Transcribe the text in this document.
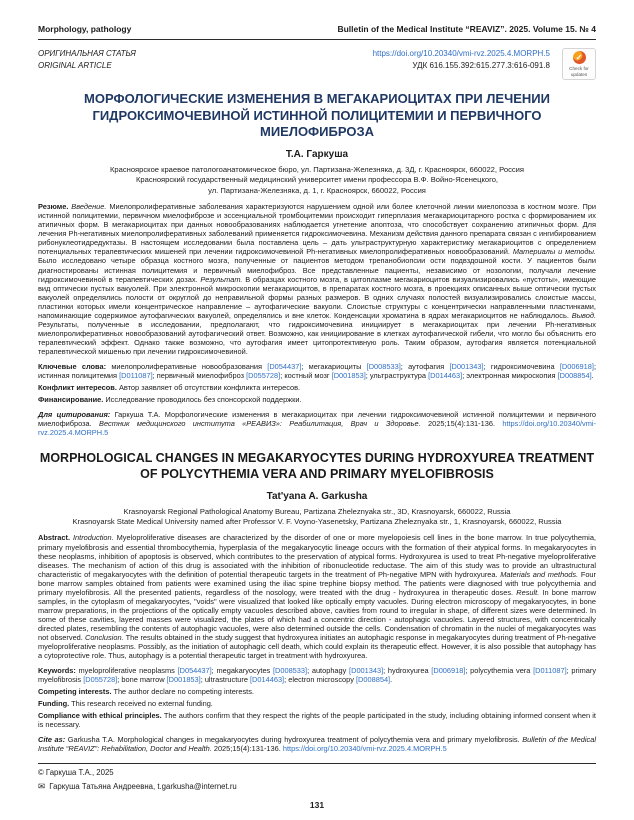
Morphology, pathology	Bulletin of the Medical Institute “REAVIZ”. 2025. Volume 15. № 4
ОРИГИНАЛЬНАЯ СТАТЬЯ
ORIGINAL ARTICLE
https://doi.org/10.20340/vmi-rvz.2025.4.MORPH.5
УДК 616.155.392:615.277.3:616-091.8
✓
Check for updates
МОРФОЛОГИЧЕСКИЕ ИЗМЕНЕНИЯ В МЕГАКАРИОЦИТАХ ПРИ ЛЕЧЕНИИ ГИДРОКСИМОЧЕВИНОЙ ИСТИННОЙ ПОЛИЦИТЕМИИ И ПЕРВИЧНОГО МИЕЛОФИБРОЗА
Т.А. Гаркуша
Красноярское краевое патологоанатомическое бюро, ул. Партизана-Железняка, д. 3Д, г. Красноярск, 660022, Россия
Красноярский государственный медицинский университет имени профессора В.Ф. Войно-Ясенецкого,
ул. Партизана-Железняка, д. 1, г. Красноярск, 660022, Россия

Резюме. Введение. Миелопролиферативные заболевания характеризуются нарушением одной или более клеточной линии миелопоэза в костном мозге. При истинной полицитемии, первичном миелофиброзе и эссенциальной тромбоцитемии происходит гиперплазия мегакариоцитарного ростка с формированием их атипичных форм. В мегакариоцитах при данных новообразованиях наблюдается угнетение апоптоза, что способствует сохранению атипичных форм. Для лечения Ph-негативных миелопролиферативных заболеваний применяется гидроксимочевина. Механизм действия данного препарата связан с ингибированием рибонуклеотидредуктазы. В настоящем исследовании была поставлена цель – дать ультраструктурную характеристику мегакариоцитов с определением потенциальных терапевтических мишеней при лечении гидроксимочевиной Ph-негативных миелопролиферативных новообразований. Материалы и методы. Было исследовано четыре образца костного мозга, полученные от пациентов методом трепанобиопсии ости подвздошной кости. У пациентов были диагностированы истинная полицитемия и первичный миелофиброз. Все представленные пациенты, независимо от нозологии, получали лечение гидроксимочевиной в терапевтических дозах. Результат. В образцах костного мозга, в цитоплазме мегакариоцитов визуализировались «пустоты», имеющие вид оптически пустых вакуолей. При электронной микроскопии мегакариоцитов, в препаратах костного мозга, в проекциях описанных выше оптически пустых вакуолей определялись полости от округлой до неправильной формы разных размеров. В одних случаях полостей визуализировались слоистые массы, пластинки которых имели концентрическое направление – аутофагические вакуоли. Слоистые структуры с концентрически направленными пластинками, напоминающие содержимое аутофагических вакуолей, определялись и вне клеток. Конденсации хроматина в ядрах мегакариоцитов не наблюдалось. Вывод. Результаты, полученные в исследовании, предполагают, что гидроксимочевина инициирует в мегакариоцитах при лечении Ph-негативных миелопролиферативных новообразований аутофагический ответ. Возможно, как инициирование в клетках аутофагической гибели, что могло бы объяснить его терапевтический эффект. Однако также возможно, что аутофагия имеет цитопротективную роль. Таким образом, аутофагия является потенциальной терапевтической мишенью при лечении гидроксимочевиной.

Ключевые слова: миелопролиферативные новообразования [D054437]; мегакариоциты [D008533]; аутофагия [D001343]; гидроксимочевина [D006918]; истинная полицитемия [D011087]; первичный миелофиброз [D055728]; костный мозг [D001853]; ультраструктура [D014463]; электронная микроскопия [D008854].

Конфликт интересов. Автор заявляет об отсутствии конфликта интересов.

Финансирование. Исследование проводилось без спонсорской поддержки.

Для цитирования: Гаркуша Т.А. Морфологические изменения в мегакариоцитах при лечении гидроксимочевиной истинной полицитемии и первичного миелофиброза. Вестник медицинского института «РЕАВИЗ»: Реабилитация, Врач и Здоровье. 2025;15(4):131-136. https://doi.org/10.20340/vmi-rvz.2025.4.MORPH.5

MORPHOLOGICAL CHANGES IN MEGAKARYOCYTES DURING HYDROXYUREA TREATMENT OF POLYCYTHEMIA VERA AND PRIMARY MYELOFIBROSIS
Tat'yana A. Garkusha
Krasnoyarsk Regional Pathological Anatomy Bureau, Partizana Zheleznyaka str., 3D, Krasnoyarsk, 660022, Russia
Krasnoyarsk State Medical University named after Professor V. F. Voyno-Yasenetsky, Partizana Zheleznyaka str., 1, Krasnoyarsk, 660022, Russia

Abstract. Introduction. Myeloproliferative diseases are characterized by the disorder of one or more myelopoiesis cell lines in the bone marrow. In true polycythemia, primary myelofibrosis and essential thrombocythemia, hyperplasia of the megakaryocytic lineage occurs with the formation of their atypical forms. In megakaryocytes in these neoplasms, inhibition of apoptosis is observed, which contributes to the preservation of atypical forms. Hydroxyurea is used to treat Ph-negative myeloproliferative diseases. The mechanism of action of this drug is associated with the inhibition of ribonucleotide reductase. The aim of this study was to provide an ultrastructural characteristic of megakaryocytes with the definition of potential therapeutic targets in the treatment of Ph-negative MPN with hydroxyurea. Materials and methods. Four bone marrow samples obtained from patients were examined using the iliac spine trephine biopsy method. The patients were diagnosed with true polycythemia and primary myelofibrosis. All the presented patients, regardless of the nosology, were treated with the drug - hydroxyurea in therapeutic doses. Result. In bone marrow samples, in the cytoplasm of megakaryocytes, "voids" were visualized that looked like optically empty vacuoles. During electron microscopy of megakaryocytes, in bone marrow preparations, in the projections of the optically empty vacuoles described above, cavities from round to irregular in shape, of different sizes were determined. In some of these cavities, layered masses were visualized, the plates of which had a concentric direction - autophagic vacuoles. Layered structures, with concentrically directed plates, resembling the contents of autophagic vacuoles, were also determined outside the cells. Condensation of chromatin in the nuclei of megakaryocytes was not observed. Conclusion. The results obtained in the study suggest that hydroxyurea initiates an autophagic response in megakaryocytes during treatment of Ph-negative myeloproliferative neoplasms. Possibly, as the initiation of autophagic cell death, which could explain its therapeutic effect. However, it is also possible that autophagy has a cytoprotective role. Thus, autophagy is a potential therapeutic target in treatment with hydroxyurea.

Keywords: myeloproliferative neoplasms [D054437]; megakaryocytes [D008533]; autophagy [D001343]; hydroxyurea [D006918]; polycythemia vera [D011087]; primary myelofibrosis [D055728]; bone marrow [D001853]; ultrastructure [D014463]; electron microscopy [D008854].

Competing interests. The author declare no competing interests.

Funding. This research received no external funding.

Compliance with ethical principles. The authors confirm that they respect the rights of the people participated in the study, including obtaining informed consent when it is necessary.

Cite as: Garkusha T.A. Morphological changes in megakaryocytes during hydroxyurea treatment of polycythemia vera and primary myelofibrosis. Bulletin of the Medical Institute “REAVIZ”: Rehabilitation, Doctor and Health. 2025;15(4):131-136. https://doi.org/10.20340/vmi-rvz.2025.4.MORPH.5

© Гаркуша Т.А., 2025
✉ Гаркуша Татьяна Андреевна, t.garkusha@internet.ru
131
